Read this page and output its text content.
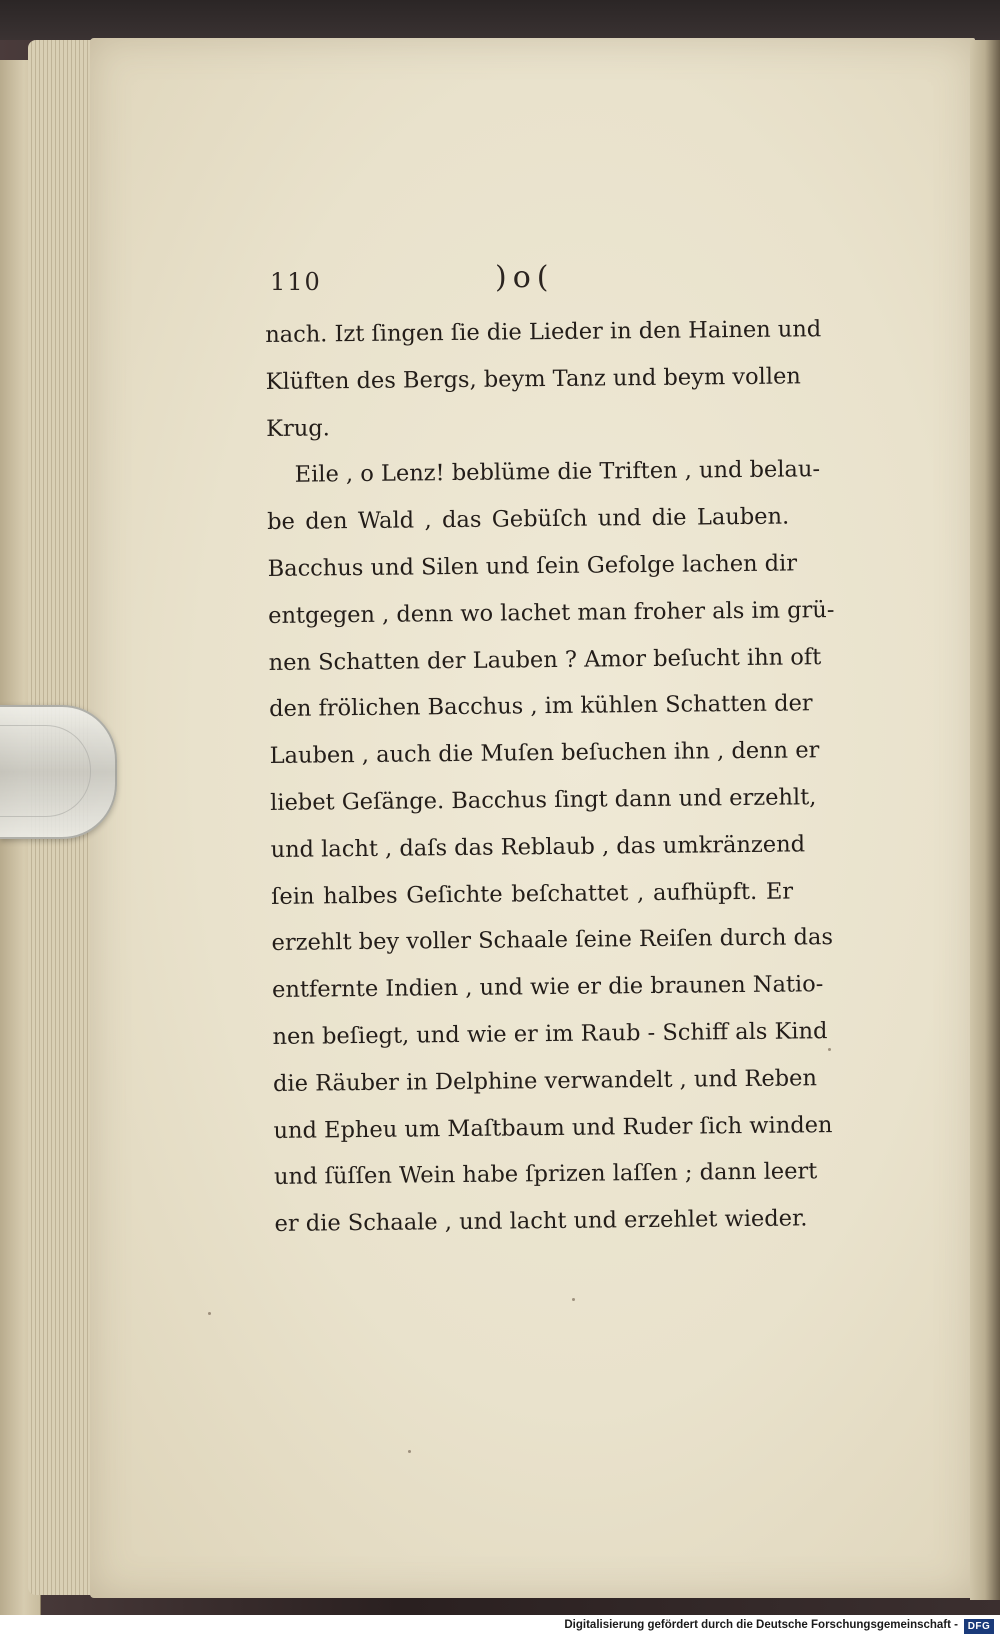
110	)o(
nach. Izt ſingen ſie die Lieder in den Hainen und
Klüften des Bergs, beym Tanz und beym vollen
Krug.
Eile , o Lenz! beblüme die Triften , und belau-
be den Wald , das Gebüſch und die Lauben.
Bacchus und Silen und ſein Gefolge lachen dir
entgegen , denn wo lachet man froher als im grü-
nen Schatten der Lauben ? Amor beſucht ihn oft
den frölichen Bacchus , im kühlen Schatten der
Lauben , auch die Muſen beſuchen ihn , denn er
liebet Geſänge. Bacchus ſingt dann und erzehlt,
und lacht , daſs das Reblaub , das umkränzend
ſein halbes Geſichte beſchattet , aufhüpft. Er
erzehlt bey voller Schaale ſeine Reiſen durch das
entfernte Indien , und wie er die braunen Natio-
nen beſiegt, und wie er im Raub - Schiff als Kind
die Räuber in Delphine verwandelt , und Reben
und Epheu um Maſtbaum und Ruder ſich winden
und ſüſſen Wein habe ſprizen laſſen ; dann leert
er die Schaale , und lacht und erzehlet wieder.
Digitalisierung gefördert durch die Deutsche Forschungsgemeinschaft - DFG
